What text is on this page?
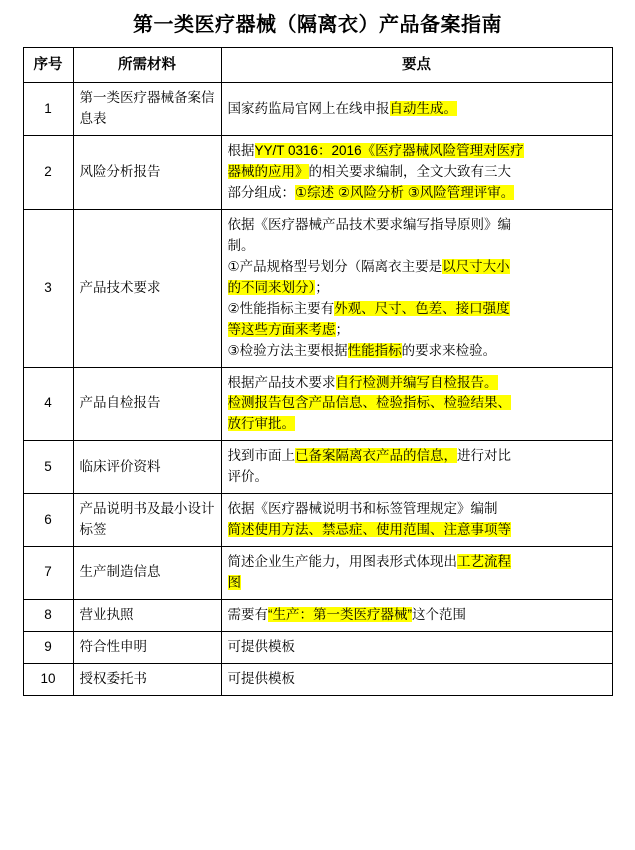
第一类医疗器械（隔离衣）产品备案指南
序号	所需材料	要点
1	第一类医疗器械备案信息表	国家药监局官网上在线申报自动生成。

2	风险分析报告	根据YY/T 0316：2016《医疗器械风险管理对医疗
器械的应用》的相关要求编制，全文大致有三大
部分组成：①综述 ②风险分析 ③风险管理评审。

3	产品技术要求	
依据《医疗器械产品技术要求编写指导原则》编
制。
①产品规格型号划分（隔离衣主要是以尺寸大小
的不同来划分）；
②性能指标主要有外观、尺寸、色差、接口强度
等这些方面来考虑；
③检验方法主要根据性能指标的要求来检验。

4	产品自检报告	根据产品技术要求自行检测并编写自检报告。
检测报告包含产品信息、检验指标、检验结果、
放行审批。

5	临床评价资料	找到市面上已备案隔离衣产品的信息，进行对比
评价。

6	产品说明书及最小设计标签	依据《医疗器械说明书和标签管理规定》编制
简述使用方法、禁忌症、使用范围、注意事项等

7	生产制造信息	简述企业生产能力，用图表形式体现出工艺流程
图

8	营业执照	需要有“生产：第一类医疗器械”这个范围

9	符合性申明	可提供模板

10	授权委托书	可提供模板
